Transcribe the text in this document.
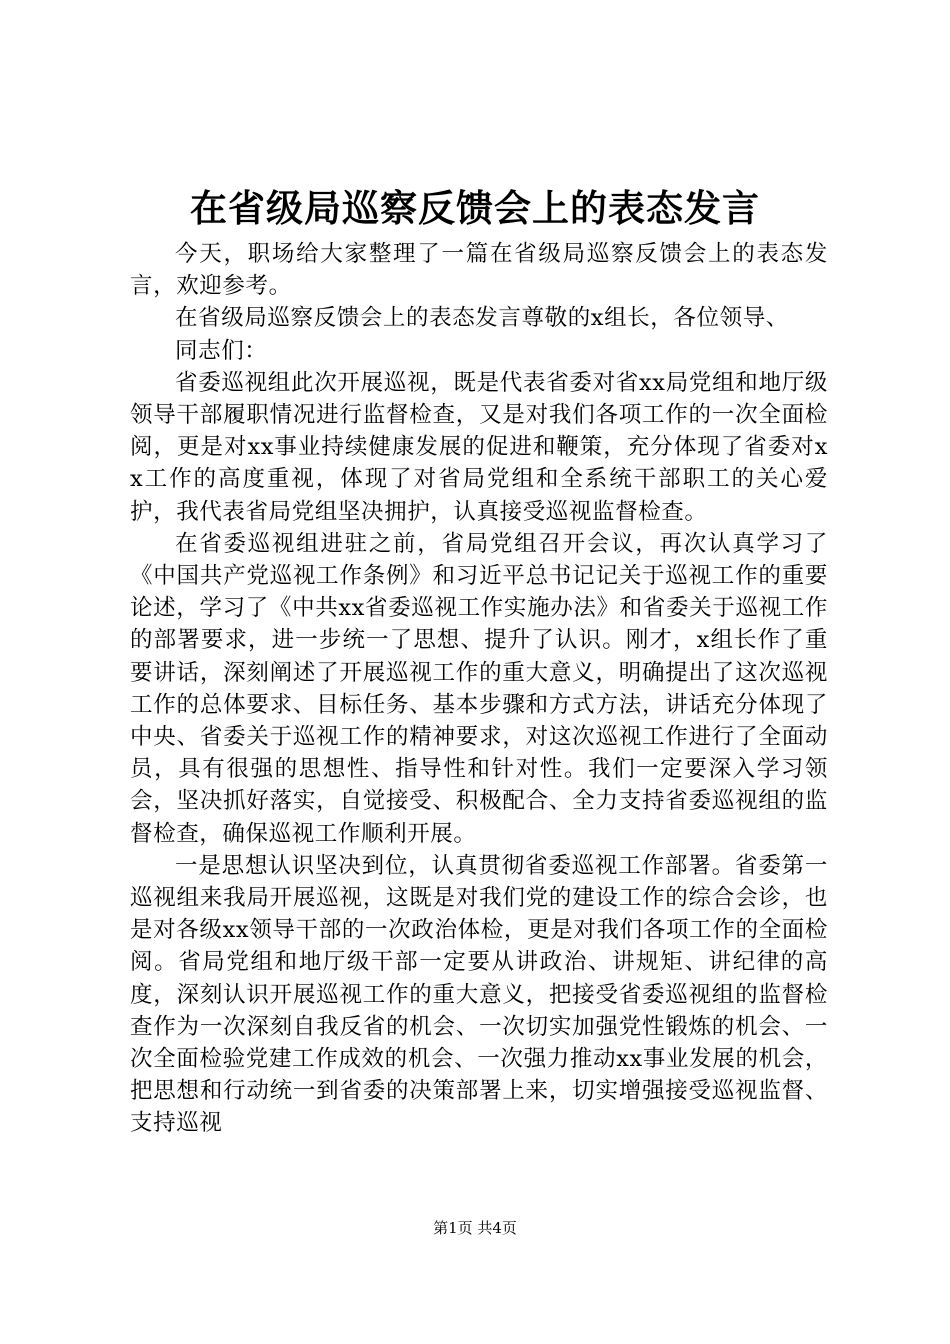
在省级局巡察反馈会上的表态发言

今天，职场给大家整理了一篇在省级局巡察反馈会上的表态发言，欢迎参考。

在省级局巡察反馈会上的表态发言尊敬的x组长，各位领导、

同志们：

省委巡视组此次开展巡视，既是代表省委对省xx局党组和地厅级领导干部履职情况进行监督检查，又是对我们各项工作的一次全面检阅，更是对xx事业持续健康发展的促进和鞭策，充分体现了省委对xx工作的高度重视，体现了对省局党组和全系统干部职工的关心爱护，我代表省局党组坚决拥护，认真接受巡视监督检查。

在省委巡视组进驻之前，省局党组召开会议，再次认真学习了《中国共产党巡视工作条例》和习近平总书记记关于巡视工作的重要论述，学习了《中共xx省委巡视工作实施办法》和省委关于巡视工作的部署要求，进一步统一了思想、提升了认识。刚才，x组长作了重要讲话，深刻阐述了开展巡视工作的重大意义，明确提出了这次巡视工作的总体要求、目标任务、基本步骤和方式方法，讲话充分体现了中央、省委关于巡视工作的精神要求，对这次巡视工作进行了全面动员，具有很强的思想性、指导性和针对性。我们一定要深入学习领会，坚决抓好落实，自觉接受、积极配合、全力支持省委巡视组的监督检查，确保巡视工作顺利开展。

一是思想认识坚决到位，认真贯彻省委巡视工作部署。省委第一巡视组来我局开展巡视，这既是对我们党的建设工作的综合会诊，也是对各级xx领导干部的一次政治体检，更是对我们各项工作的全面检阅。省局党组和地厅级干部一定要从讲政治、讲规矩、讲纪律的高度，深刻认识开展巡视工作的重大意义，把接受省委巡视组的监督检查作为一次深刻自我反省的机会、一次切实加强党性锻炼的机会、一次全面检验党建工作成效的机会、一次强力推动xx事业发展的机会，把思想和行动统一到省委的决策部署上来，切实增强接受巡视监督、支持巡视

第1页 共4页
